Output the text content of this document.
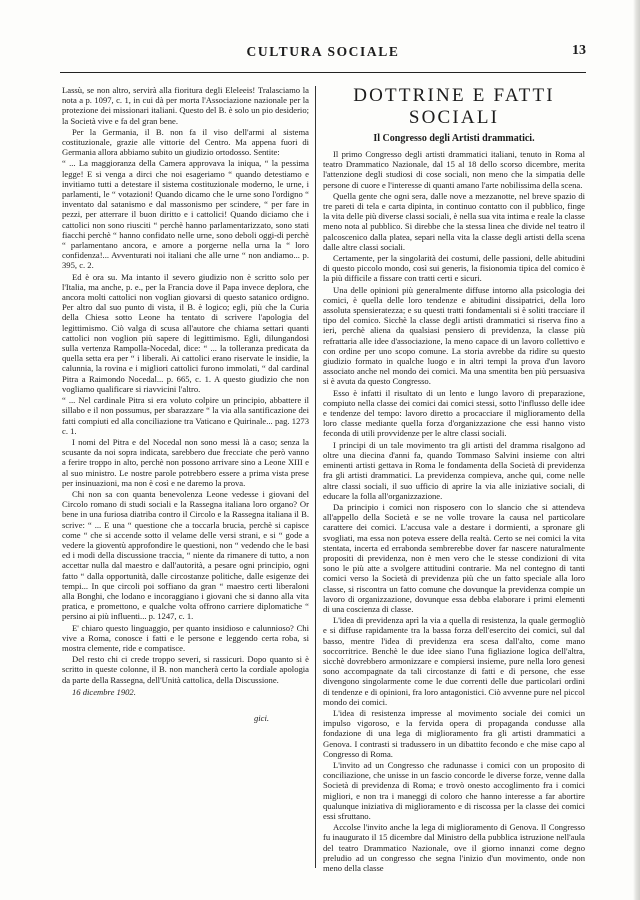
CULTURA SOCIALE	13

Lassù, se non altro, servirà alla fioritura degli Eleleeis! Tralasciamo la nota a p. 1097, c. 1, in cui dà per morta l'Associazione nazionale per la protezione dei missionari italiani. Questo del B. è solo un pio desiderio; la Società vive e fa del gran bene.

Per la Germania, il B. non fa il viso dell'armi al sistema costituzionale, grazie alle vittorie del Centro. Ma appena fuori di Germania allora abbiamo subito un giudizio ortodosso. Sentite:

“ ... La maggioranza della Camera approvava la iniqua, “ la pessima legge! E si venga a dirci che noi esageriamo “ quando detestiamo e invitiamo tutti a detestare il sistema costituzionale moderno, le urne, i parlamenti, le “ votazioni! Quando dicamo che le urne sono l'ordigno “ inventato dal satanismo e dal massonismo per scindere, “ per fare in pezzi, per atterrare il buon diritto e i cattolici! Quando diciamo che i cattolici non sono riusciti “ perchè hanno parlamentarizzato, sono stati fiacchi perchè “ hanno confidato nelle urne, sono deboli oggi-di perchè “ parlamentano ancora, e amore a porgerne nella urna la “ loro confidenza!... Avventurati noi italiani che alle urne “ non andiamo... p. 395, c. 2.

Ed è ora su. Ma intanto il severo giudizio non è scritto solo per l'Italia, ma anche, p. e., per la Francia dove il Papa invece deplora, che ancora molti cattolici non voglian giovarsi di questo satanico ordigno. Per altro dal suo punto di vista, il B. è logico; egli, più che la Curia della Chiesa sotto Leone ha tentato di scrivere l'apologia del legittimismo. Ciò valga di scusa all'autore che chiama settari quanti cattolici non voglion più sapere di legittimismo. Egli, dilungandosi sulla vertenza Rampolla-Nocedal, dice: “ ... la tolleranza predicata da quella setta era per “ i liberali. Ai cattolici erano riservate le insidie, la calunnia, la rovina e i migliori cattolici furono immolati, “ dal cardinal Pitra a Raimondo Nocedal... p. 665, c. 1. A questo giudizio che non vogliamo qualificare si riavvicini l'altro.

“ ... Nel cardinale Pitra si era voluto colpire un principio, abbattere il sillabo e il non possumus, per sbarazzare “ la via alla santificazione dei fatti compiuti ed alla conciliazione tra Vaticano e Quirinale... pag. 1273 c. 1.

I nomi del Pitra e del Nocedal non sono messi là a caso; senza la scusante da noi sopra indicata, sarebbero due frecciate che però vanno a ferire troppo in alto, perchè non possono arrivare sino a Leone XIII e al suo ministro. Le nostre parole potrebbero essere a prima vista prese per insinuazioni, ma non è così e ne daremo la prova.

Chi non sa con quanta benevolenza Leone vedesse i giovani del Circolo romano di studi sociali e la Rassegna italiana loro organo? Or bene in una furiosa diatriba contro il Circolo e la Rassegna italiana il B. scrive: “ ... E una “ questione che a toccarla brucia, perchè si capisce come “ che si accende sotto il velame delle versi strani, e si “ gode a vedere la gioventù approfondire le questioni, non “ vedendo che le basi ed i modi della discussione traccia, “ niente da rimanere di tutto, a non accettar nulla dal maestro e dall'autorità, a pesare ogni principio, ogni fatto “ dalla opportunità, dalle circostanze politiche, dalle esigenze dei tempi... In que circoli poi soffiano da gran “ maestro certi liberaloni alla Bonghi, che lodano e incoraggiano i giovani che si danno alla vita pratica, e promettono, e qualche volta offrono carriere diplomatiche “ persino ai più influenti... p. 1247, c. 1.

E' chiaro questo linguaggio, per quanto insidioso e calunnioso? Chi vive a Roma, conosce i fatti e le persone e leggendo certa roba, si mostra clemente, ride e compatisce.

Del resto chi ci crede troppo severi, si rassicuri. Dopo quanto si è scritto in queste colonne, il B. non mancherà certo la cordiale apologia da parte della Rassegna, dell'Unità cattolica, della Discussione.

16 dicembre 1902.

gici.

DOTTRINE E FATTI SOCIALI
Il Congresso degli Artisti drammatici.

Il primo Congresso degli artisti drammatici italiani, tenuto in Roma al teatro Drammatico Nazionale, dal 15 al 18 dello scorso dicembre, merita l'attenzione degli studiosi di cose sociali, non meno che la simpatia delle persone di cuore e l'interesse di quanti amano l'arte nobilissima della scena.

Quella gente che ogni sera, dalle nove a mezzanotte, nel breve spazio di tre pareti di tela e carta dipinta, in continuo contatto con il pubblico, finge la vita delle più diverse classi sociali, è nella sua vita intima e reale la classe meno nota al pubblico. Si direbbe che la stessa linea che divide nel teatro il palcoscenico dalla platea, separi nella vita la classe degli artisti della scena dalle altre classi sociali.

Certamente, per la singolarità dei costumi, delle passioni, delle abitudini di questo piccolo mondo, così sui generis, la fisionomia tipica del comico è la più difficile a fissare con tratti certi e sicuri.

Una delle opinioni più generalmente diffuse intorno alla psicologia dei comici, è quella delle loro tendenze e abitudini dissipatrici, della loro assoluta spensieratezza; e su questi tratti fondamentali si è soliti tracciare il tipo del comico. Sicchè la classe degli artisti drammatici si riserva fino a ieri, perchè aliena da qualsiasi pensiero di previdenza, la classe più refrattaria alle idee d'associazione, la meno capace di un lavoro collettivo e con ordine per uno scopo comune. La storia avrebbe da ridire su questo giudizio formato in qualche luogo e in altri tempi la prova d'un lavoro associato anche nel mondo dei comici. Ma una smentita ben più persuasiva si è avuta da questo Congresso.

Esso è infatti il risultato di un lento e lungo lavoro di preparazione, compiuto nella classe dei comici dai comici stessi, sotto l'influsso delle idee e tendenze del tempo: lavoro diretto a procacciare il miglioramento della loro classe mediante quella forza d'organizzazione che essi hanno visto feconda di utili provvidenze per le altre classi sociali.

I principi di un tale movimento tra gli artisti del dramma risalgono ad oltre una diecina d'anni fa, quando Tommaso Salvini insieme con altri eminenti artisti gettava in Roma le fondamenta della Società di previdenza fra gli artisti drammatici. La previdenza compieva, anche qui, come nelle altre classi sociali, il suo ufficio di aprire la via alle iniziative sociali, di educare la folla all'organizzazione.

Da principio i comici non risposero con lo slancio che si attendeva all'appello della Società e se ne volle trovare la causa nel particolare carattere dei comici. L'accusa vale a destare i dormienti, a spronare gli svogliati, ma essa non poteva essere della realtà. Certo se nei comici la vita stentata, incerta ed errabonda sembrerebbe dover far nascere naturalmente propositi di previdenza, non è men vero che le stesse condizioni di vita sono le più atte a svolgere attitudini contrarie. Ma nel contegno di tanti comici verso la Società di previdenza più che un fatto speciale alla loro classe, si riscontra un fatto comune che dovunque la previdenza compie un lavoro di organizzazione, dovunque essa debba elaborare i primi elementi di una coscienza di classe.

L'idea di previdenza aprì la via a quella di resistenza, la quale germogliò e si diffuse rapidamente tra la bassa forza dell'esercito dei comici, sul dal basso, mentre l'idea di previdenza era scesa dall'alto, come mano soccorritrice. Benchè le due idee siano l'una figliazione logica dell'altra, sicchè dovrebbero armonizzare e compiersi insieme, pure nella loro genesi sono accompagnate da tali circostanze di fatti e di persone, che esse divengono singolarmente come le due correnti delle due particolari ordini di tendenze e di opinioni, fra loro antagonistici. Ciò avvenne pure nel piccol mondo dei comici.

L'idea di resistenza impresse al movimento sociale dei comici un impulso vigoroso, e la fervida opera di propaganda condusse alla fondazione di una lega di miglioramento fra gli artisti drammatici a Genova. I contrasti si tradussero in un dibattito fecondo e che mise capo al Congresso di Roma.

L'invito ad un Congresso che radunasse i comici con un proposito di conciliazione, che unisse in un fascio concorde le diverse forze, venne dalla Società di previdenza di Roma; e trovò onesto accoglimento fra i comici migliori, e non tra i maneggi di coloro che hanno interesse a far abortire qualunque iniziativa di miglioramento e di riscossa per la classe dei comici essi sfruttano.

Accolse l'invito anche la lega di miglioramento di Genova. Il Congresso fu inaugurato il 15 dicembre dal Ministro della pubblica istruzione nell'aula del teatro Drammatico Nazionale, ove il giorno innanzi come degno preludio ad un congresso che segna l'inizio d'un movimento, onde non meno della classe
